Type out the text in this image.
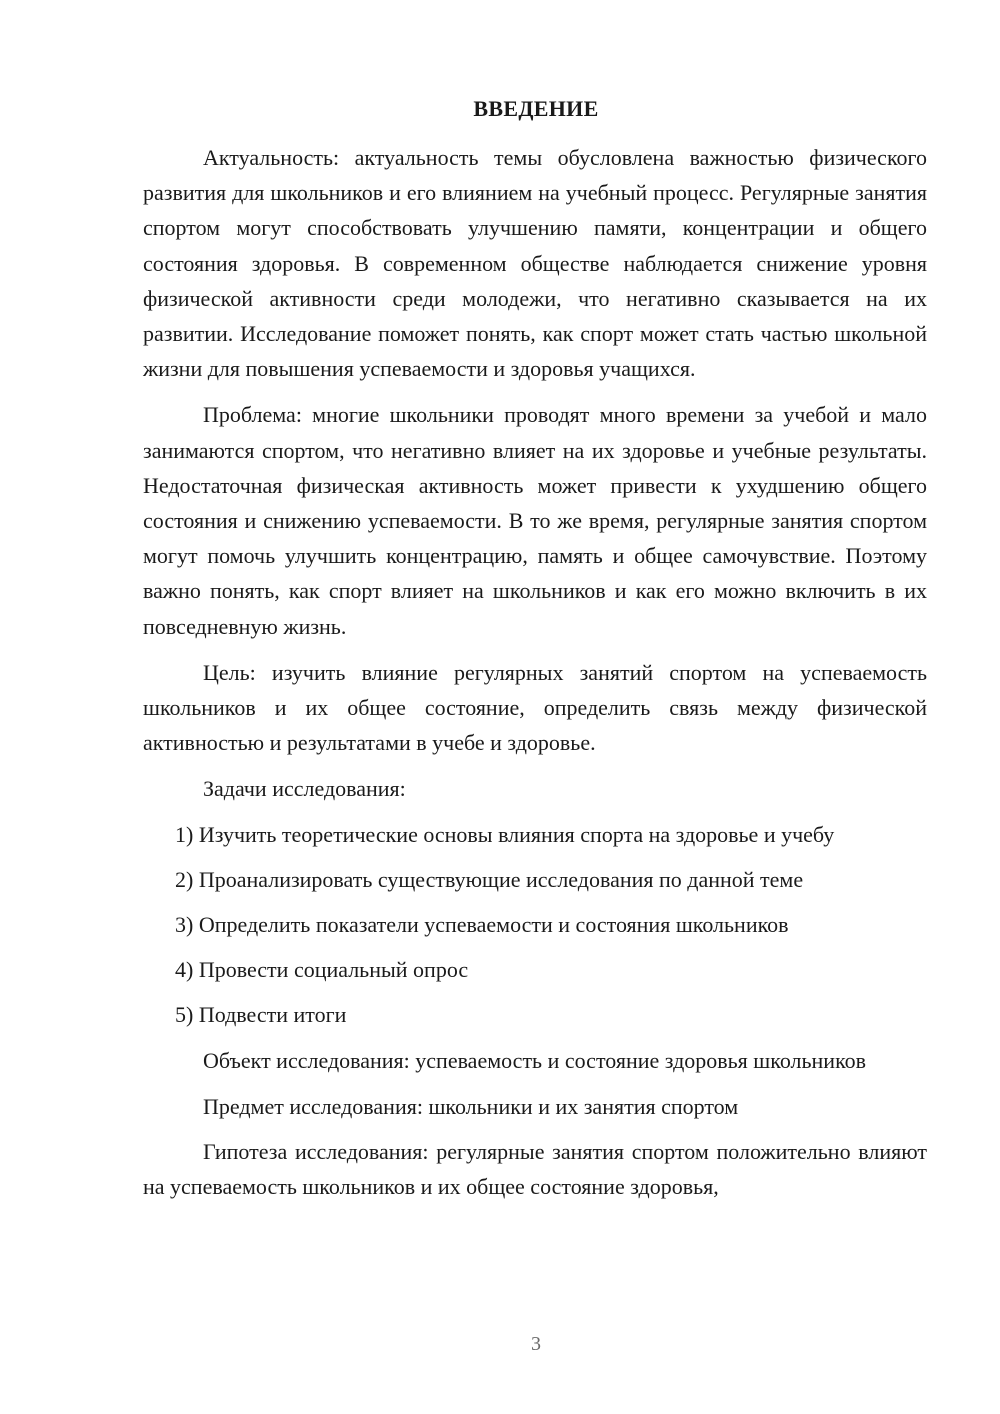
ВВЕДЕНИЕ

Актуальность: актуальность темы обусловлена важностью физического развития для школьников и его влиянием на учебный процесс. Регулярные занятия спортом могут способствовать улучшению памяти, концентрации и общего состояния здоровья. В современном обществе наблюдается снижение уровня физической активности среди молодежи, что негативно сказывается на их развитии. Исследование поможет понять, как спорт может стать частью школьной жизни для повышения успеваемости и здоровья учащихся.

Проблема: многие школьники проводят много времени за учебой и мало занимаются спортом, что негативно влияет на их здоровье и учебные результаты. Недостаточная физическая активность может привести к ухудшению общего состояния и снижению успеваемости. В то же время, регулярные занятия спортом могут помочь улучшить концентрацию, память и общее самочувствие. Поэтому важно понять, как спорт влияет на школьников и как его можно включить в их повседневную жизнь.

Цель: изучить влияние регулярных занятий спортом на успеваемость школьников и их общее состояние, определить связь между физической активностью и результатами в учебе и здоровье.

Задачи исследования:

1) Изучить теоретические основы влияния спорта на здоровье и учебу

2) Проанализировать существующие исследования по данной теме

3) Определить показатели успеваемости и состояния школьников

4) Провести социальный опрос

5) Подвести итоги

Объект исследования: успеваемость и состояние здоровья школьников

Предмет исследования: школьники и их занятия спортом

Гипотеза исследования: регулярные занятия спортом положительно влияют на успеваемость школьников и их общее состояние здоровья,

3
